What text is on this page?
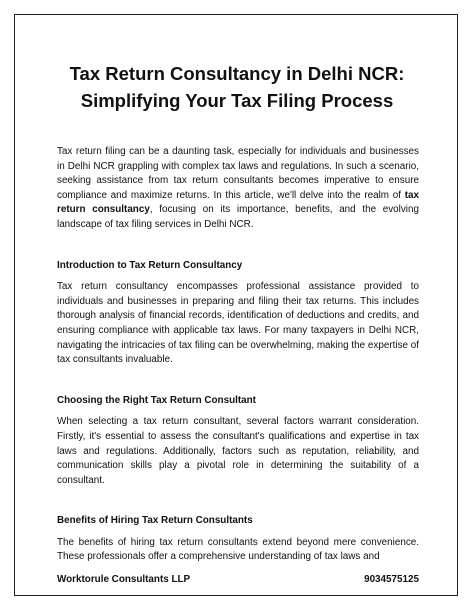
Tax Return Consultancy in Delhi NCR:
Simplifying Your Tax Filing Process

Tax return filing can be a daunting task, especially for individuals and businesses in Delhi NCR grappling with complex tax laws and regulations. In such a scenario, seeking assistance from tax return consultants becomes imperative to ensure compliance and maximize returns. In this article, we'll delve into the realm of tax return consultancy, focusing on its importance, benefits, and the evolving landscape of tax filing services in Delhi NCR.

Introduction to Tax Return Consultancy

Tax return consultancy encompasses professional assistance provided to individuals and businesses in preparing and filing their tax returns. This includes thorough analysis of financial records, identification of deductions and credits, and ensuring compliance with applicable tax laws. For many taxpayers in Delhi NCR, navigating the intricacies of tax filing can be overwhelming, making the expertise of tax consultants invaluable.

Choosing the Right Tax Return Consultant

When selecting a tax return consultant, several factors warrant consideration. Firstly, it's essential to assess the consultant's qualifications and expertise in tax laws and regulations. Additionally, factors such as reputation, reliability, and communication skills play a pivotal role in determining the suitability of a consultant.

Benefits of Hiring Tax Return Consultants

The benefits of hiring tax return consultants extend beyond mere convenience. These professionals offer a comprehensive understanding of tax laws and

Worktorule Consultants LLP	9034575125
